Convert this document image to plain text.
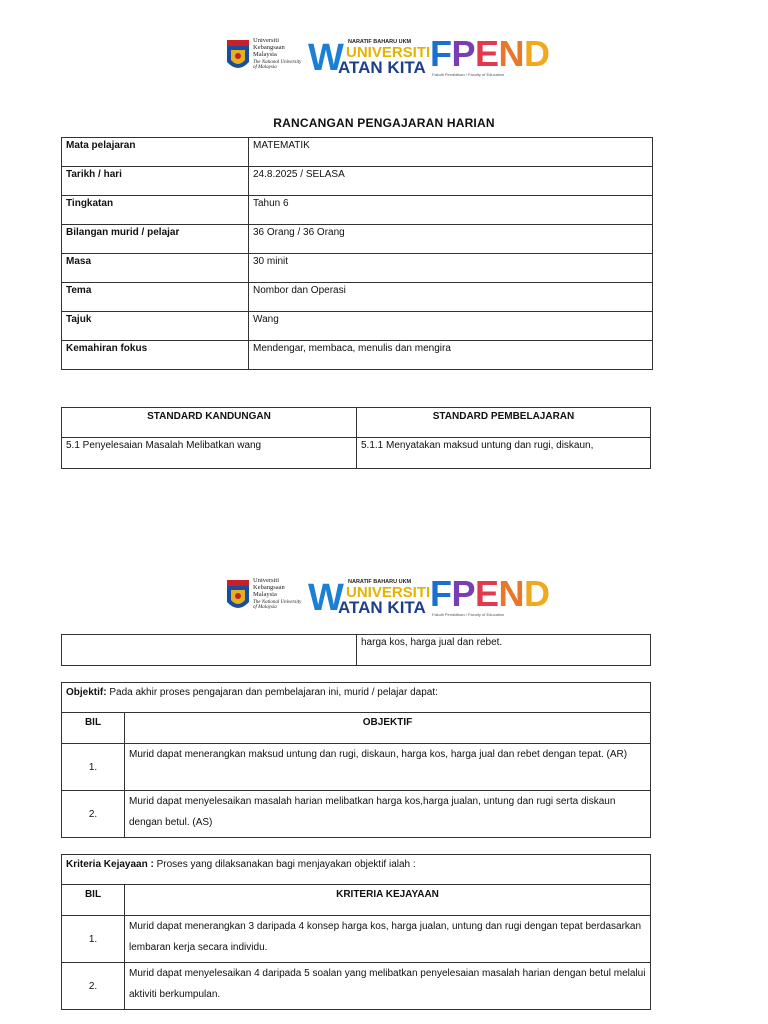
Universiti
Kebangsaan
Malaysia
The National University of Malaysia W NARATIF BAHARU UKM
UNIVERSITI
ATAN KITA FPEND
Fakulti Pendidikan / Faculty of Education
RANCANGAN PENGAJARAN HARIAN
Mata pelajaran	MATEMATIK
Tarikh / hari	24.8.2025 / SELASA
Tingkatan	Tahun 6
Bilangan murid / pelajar	36 Orang / 36 Orang
Masa	30 minit
Tema	Nombor dan Operasi
Tajuk	Wang
Kemahiran fokus	Mendengar, membaca, menulis dan mengira
STANDARD KANDUNGAN	STANDARD PEMBELAJARAN
5.1 Penyelesaian Masalah Melibatkan wang	5.1.1 Menyatakan maksud untung dan rugi, diskaun,
Universiti
Kebangsaan
Malaysia
The National University of Malaysia W NARATIF BAHARU UKM
UNIVERSITI
ATAN KITA FPEND
Fakulti Pendidikan / Faculty of Education
	harga kos, harga jual dan rebet.
Objektif: Pada akhir proses pengajaran dan pembelajaran ini, murid / pelajar dapat:	
BIL	OBJEKTIF
1.	Murid dapat menerangkan maksud untung dan rugi, diskaun, harga kos, harga jual dan rebet dengan tepat. (AR)
2.	Murid dapat menyelesaikan masalah harian melibatkan harga kos,harga jualan, untung dan rugi serta diskaun dengan betul. (AS)
Kriteria Kejayaan : Proses yang dilaksanakan bagi menjayakan objektif ialah :	
BIL	KRITERIA KEJAYAAN
1.	Murid dapat menerangkan 3 daripada 4 konsep harga kos, harga jualan, untung dan rugi dengan tepat berdasarkan lembaran kerja secara individu.
2.	Murid dapat menyelesaikan 4 daripada 5 soalan yang melibatkan penyelesaian masalah harian dengan betul melalui aktiviti berkumpulan.
